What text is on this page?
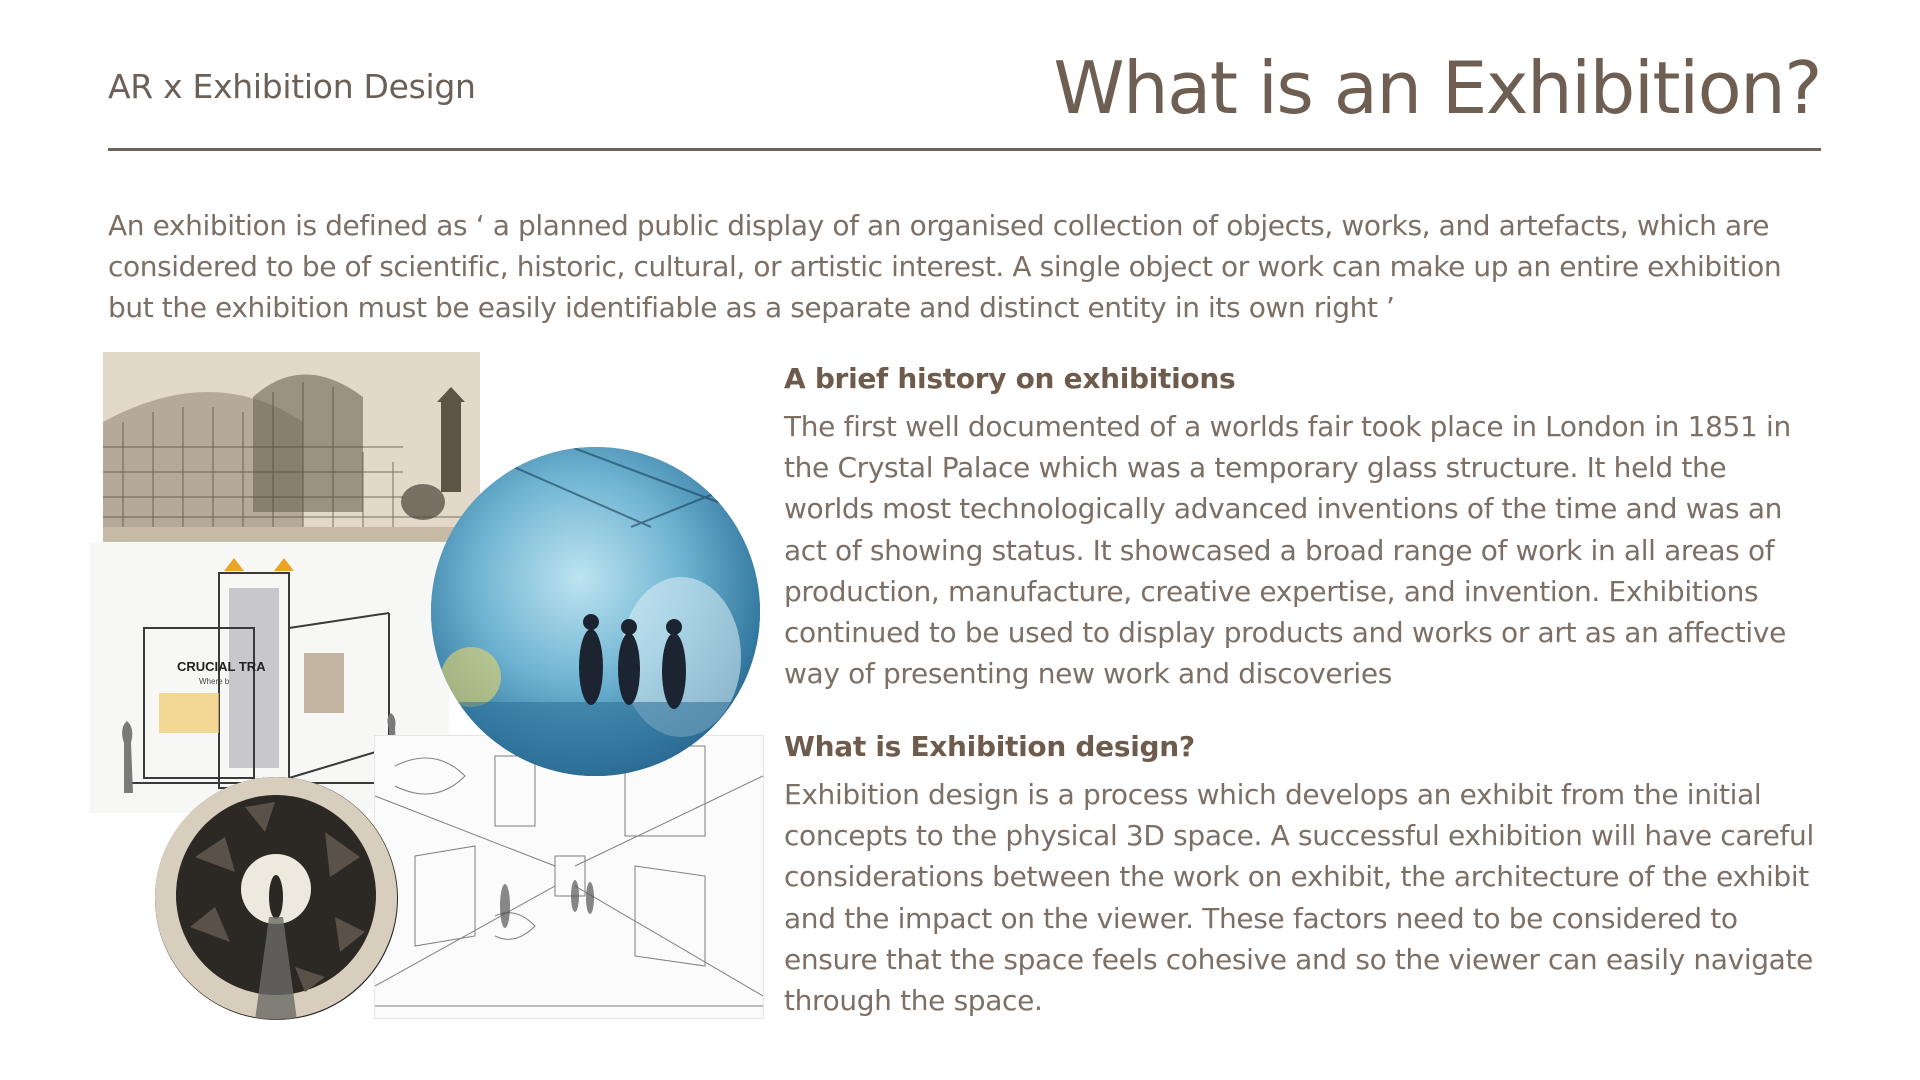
AR x Exhibition Design	What is an Exhibition?

An exhibition is defined as ‘ a planned public display of an organised collection of objects, works, and artefacts, which are considered to be of scientific, historic, cultural, or artistic interest. A single object or work can make up an entire exhibition but the exhibition must be easily identifiable as a separate and distinct entity in its own right ’

CRUCIAL TRA
Where b
A brief history on exhibitions

The first well documented of a worlds fair took place in London in 1851 in the Crystal Palace which was a temporary glass structure. It held the worlds most technologically advanced inventions of the time and was an act of showing status. It showcased a broad range of work in all areas of production, manufacture, creative expertise, and invention. Exhibitions continued to be used to display products and works or art as an affective way of presenting new work and discoveries

What is Exhibition design?

Exhibition design is a process which develops an exhibit from the initial concepts to the physical 3D space. A successful exhibition will have careful considerations between the work on exhibit, the architecture of the exhibit and the impact on the viewer. These factors need to be considered to ensure that the space feels cohesive and so the viewer can easily navigate through the space.
